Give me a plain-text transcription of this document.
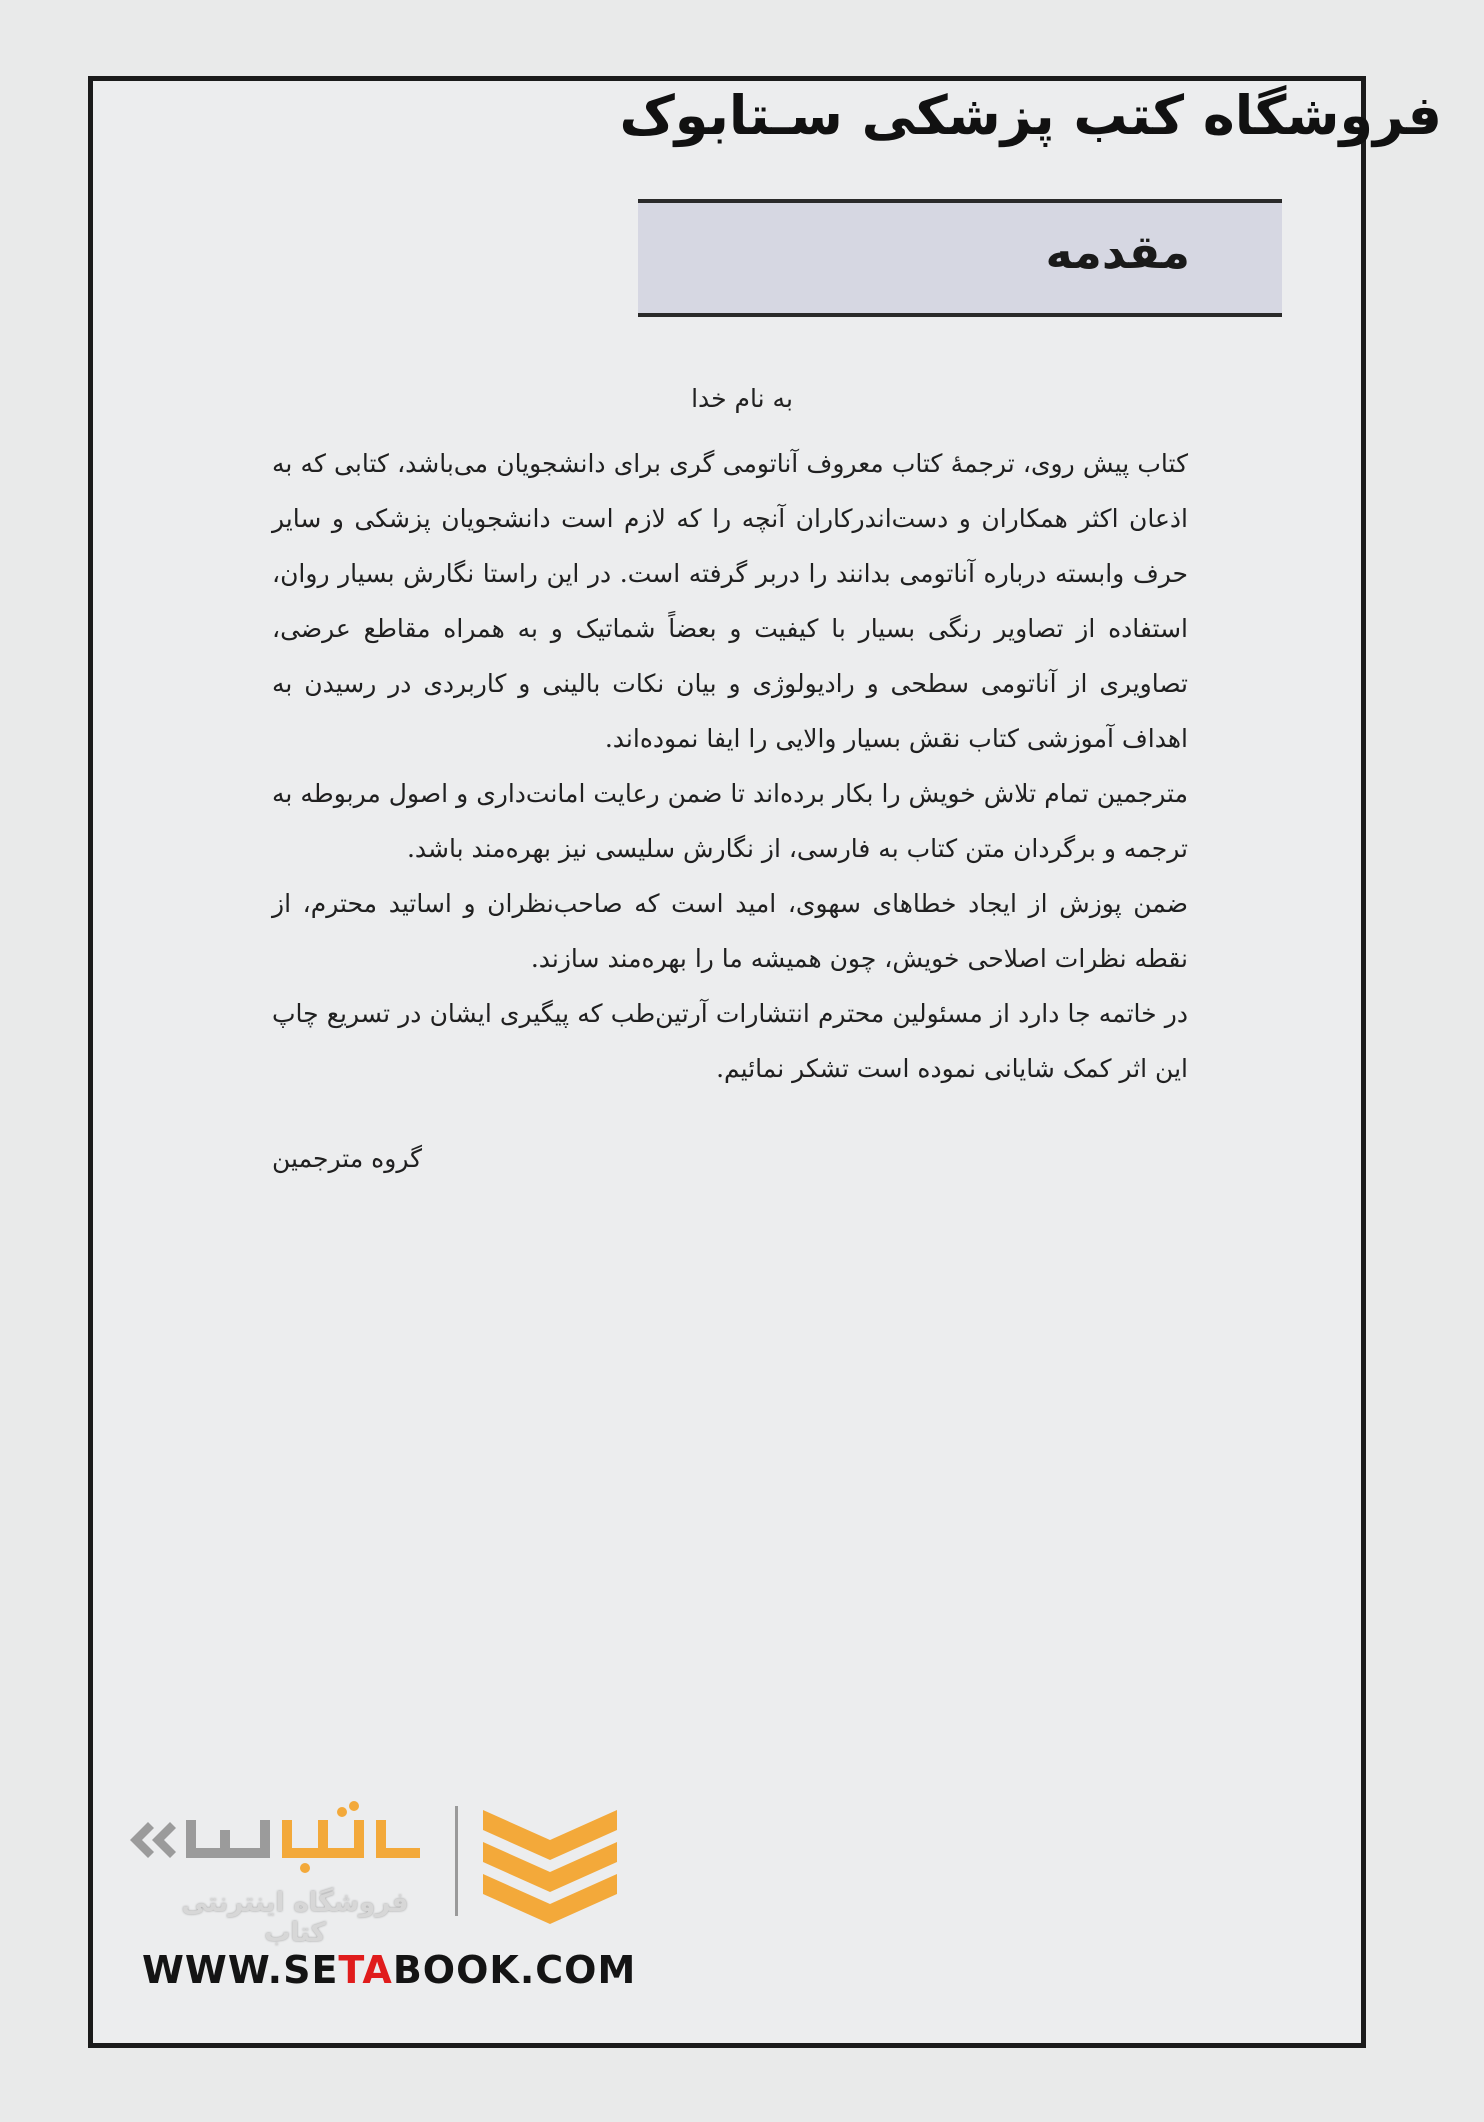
فروشگاه کتب پزشکی سـتابوک
مقدمه
به نام خدا

کتاب پیش روی، ترجمهٔ کتاب معروف آناتومی گری برای دانشجویان می‌باشد، کتابی که به اذعان اکثر همکاران و دست‌اندرکاران آنچه را که لازم است دانشجویان پزشکی و سایر حرف وابسته درباره آناتومی بدانند را دربر گرفته است. در این راستا نگارش بسیار روان، استفاده از تصاویر رنگی بسیار با کیفیت و بعضاً شماتیک و به همراه مقاطع عرضی، تصاویری از آناتومی سطحی و رادیولوژی و بیان نکات بالینی و کاربردی در رسیدن به اهداف آموزشی کتاب نقش بسیار والایی را ایفا نموده‌اند.

مترجمین تمام تلاش خویش را بکار برده‌اند تا ضمن رعایت امانت‌داری و اصول مربوطه به ترجمه و برگردان متن کتاب به فارسی، از نگارش سلیسی نیز بهره‌مند باشد.

ضمن پوزش از ایجاد خطاهای سهوی، امید است که صاحب‌نظران و اساتید محترم، از نقطه نظرات اصلاحی خویش، چون همیشه ما را بهره‌مند سازند.

در خاتمه جا دارد از مسئولین محترم انتشارات آرتین‌طب که پیگیری ایشان در تسریع چاپ این اثر کمک شایانی نموده است تشکر نمائیم.

گروه مترجمین
فروشگاه اینترنتی کتاب
WWW.SETABOOK.COM
